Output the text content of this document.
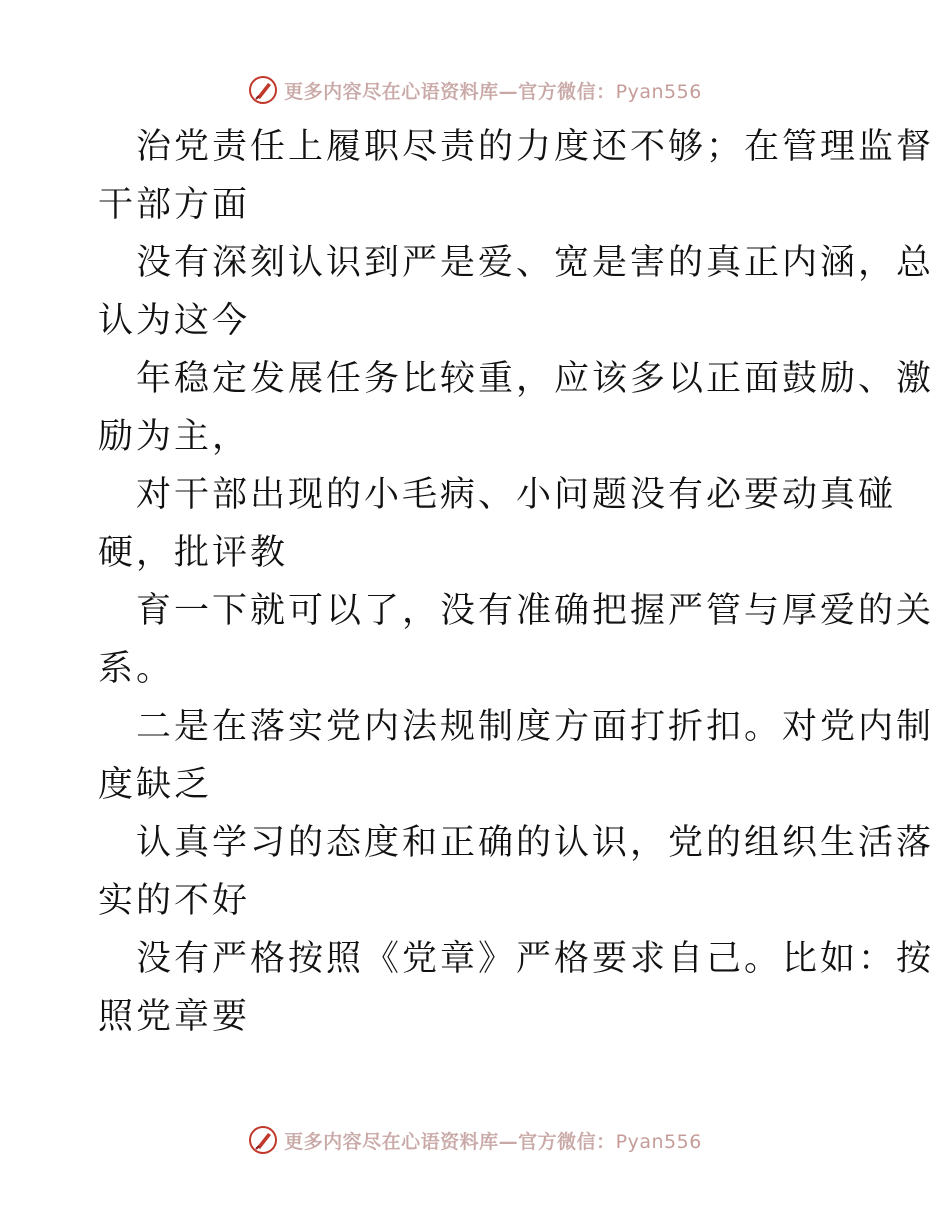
更多内容尽在心语资料库—官方微信：Pyan556
治党责任上履职尽责的力度还不够；在管理监督
干部方面
没有深刻认识到严是爱、宽是害的真正内涵，总
认为这今
年稳定发展任务比较重，应该多以正面鼓励、激
励为主，
对干部出现的小毛病、小问题没有必要动真碰
硬，批评教
育一下就可以了，没有准确把握严管与厚爱的关
系。
二是在落实党内法规制度方面打折扣。对党内制
度缺乏
认真学习的态度和正确的认识，党的组织生活落
实的不好
没有严格按照《党章》严格要求自己。比如：按
照党章要
更多内容尽在心语资料库—官方微信：Pyan556
